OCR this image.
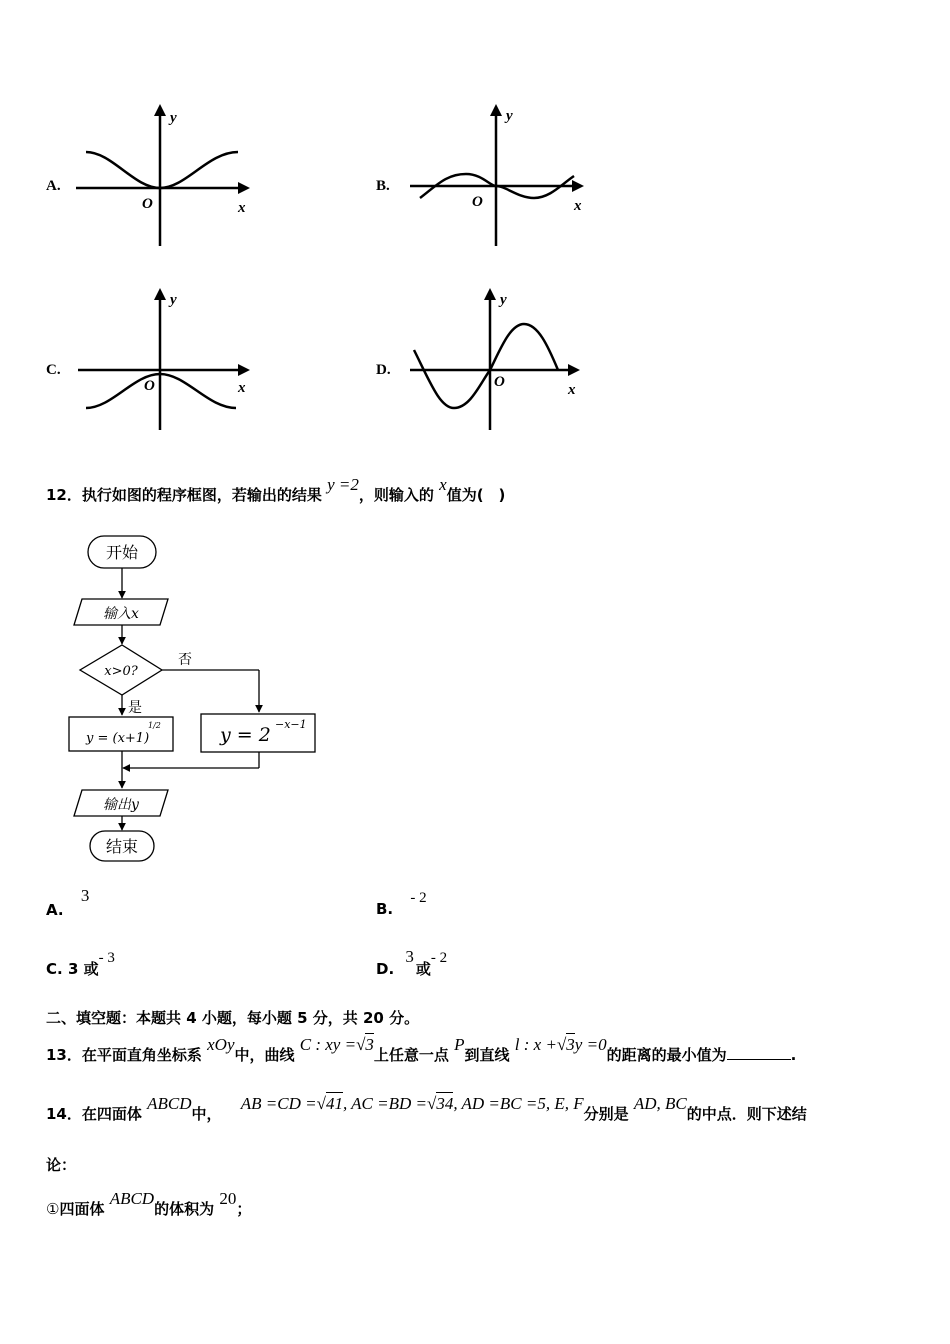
A.
y
x
O
B.
y
x
O
C.
y
x
O
D.
y
x
O
12．执行如图的程序框图，若输出的结果 y =2，则输入的 x值为(　)
开始
输入x
x>0?
否
是
y = (x+1)
1/2	y = 2 −x−1
输出y
结束
A. 3
B. - 2
C. 3 或- 3
D. 3或- 2
二、填空题：本题共 4 小题，每小题 5 分，共 20 分。
13．在平面直角坐标系 xOy中，曲线 C : xy =√3上任意一点 P到直线 l : x +√3y =0的距离的最小值为	.
14．在四面体 ABCD中， AB =CD =√41, AC =BD =√34, AD =BC =5, E, F分别是 AD, BC的中点．则下述结
论：
①四面体 ABCD的体积为 20；
